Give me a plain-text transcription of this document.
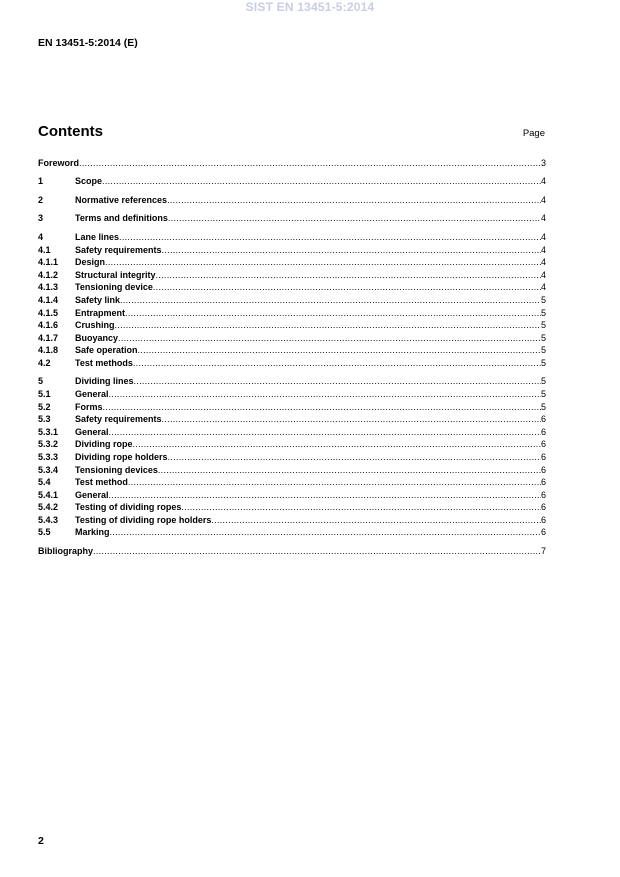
SIST EN 13451-5:2014
EN 13451-5:2014 (E)
Contents	Page
Foreword .....	3
1	Scope .....	4
2	Normative references .....	4
3	Terms and definitions .....	4
4	Lane lines .....	4
4.1	Safety requirements .....	4
4.1.1	Design .....	4
4.1.2	Structural integrity .....	4
4.1.3	Tensioning device .....	4
4.1.4	Safety link .....	5
4.1.5	Entrapment .....	5
4.1.6	Crushing .....	5
4.1.7	Buoyancy .....	5
4.1.8	Safe operation .....	5
4.2	Test methods .....	5
5	Dividing lines .....	5
5.1	General .....	5
5.2	Forms .....	5
5.3	Safety requirements .....	6
5.3.1	General .....	6
5.3.2	Dividing rope .....	6
5.3.3	Dividing rope holders .....	6
5.3.4	Tensioning devices .....	6
5.4	Test method .....	6
5.4.1	General .....	6
5.4.2	Testing of dividing ropes .....	6
5.4.3	Testing of dividing rope holders .....	6
5.5	Marking .....	6
Bibliography .....	7
2
